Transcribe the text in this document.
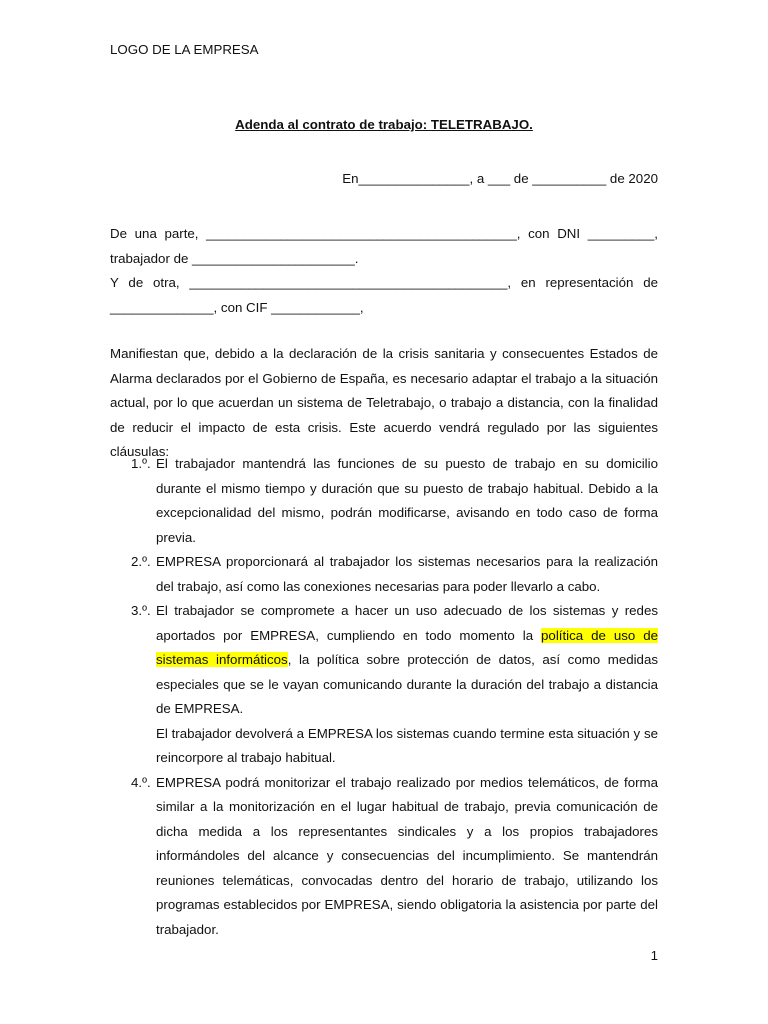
LOGO DE LA EMPRESA
Adenda al contrato de trabajo: TELETRABAJO.
En_______________, a ___ de __________ de 2020
De una parte, __________________________________________, con DNI _________,
trabajador de ______________________.
Y de otra, ___________________________________________, en representación de
______________, con CIF ____________,
Manifiestan que, debido a la declaración de la crisis sanitaria y consecuentes Estados de Alarma declarados por el Gobierno de España, es necesario adaptar el trabajo a la situación actual, por lo que acuerdan un sistema de Teletrabajo, o trabajo a distancia, con la finalidad de reducir el impacto de esta crisis. Este acuerdo vendrá regulado por las siguientes cláusulas:
1.º. El trabajador mantendrá las funciones de su puesto de trabajo en su domicilio durante el mismo tiempo y duración que su puesto de trabajo habitual. Debido a la excepcionalidad del mismo, podrán modificarse, avisando en todo caso de forma previa.

2.º. EMPRESA proporcionará al trabajador los sistemas necesarios para la realización del trabajo, así como las conexiones necesarias para poder llevarlo a cabo.

3.º. El trabajador se compromete a hacer un uso adecuado de los sistemas y redes aportados por EMPRESA, cumpliendo en todo momento la política de uso de sistemas informáticos, la política sobre protección de datos, así como medidas especiales que se le vayan comunicando durante la duración del trabajo a distancia de EMPRESA.

El trabajador devolverá a EMPRESA los sistemas cuando termine esta situación y se reincorpore al trabajo habitual.

4.º. EMPRESA podrá monitorizar el trabajo realizado por medios telemáticos, de forma similar a la monitorización en el lugar habitual de trabajo, previa comunicación de dicha medida a los representantes sindicales y a los propios trabajadores informándoles del alcance y consecuencias del incumplimiento. Se mantendrán reuniones telemáticas, convocadas dentro del horario de trabajo, utilizando los programas establecidos por EMPRESA, siendo obligatoria la asistencia por parte del trabajador.

1
